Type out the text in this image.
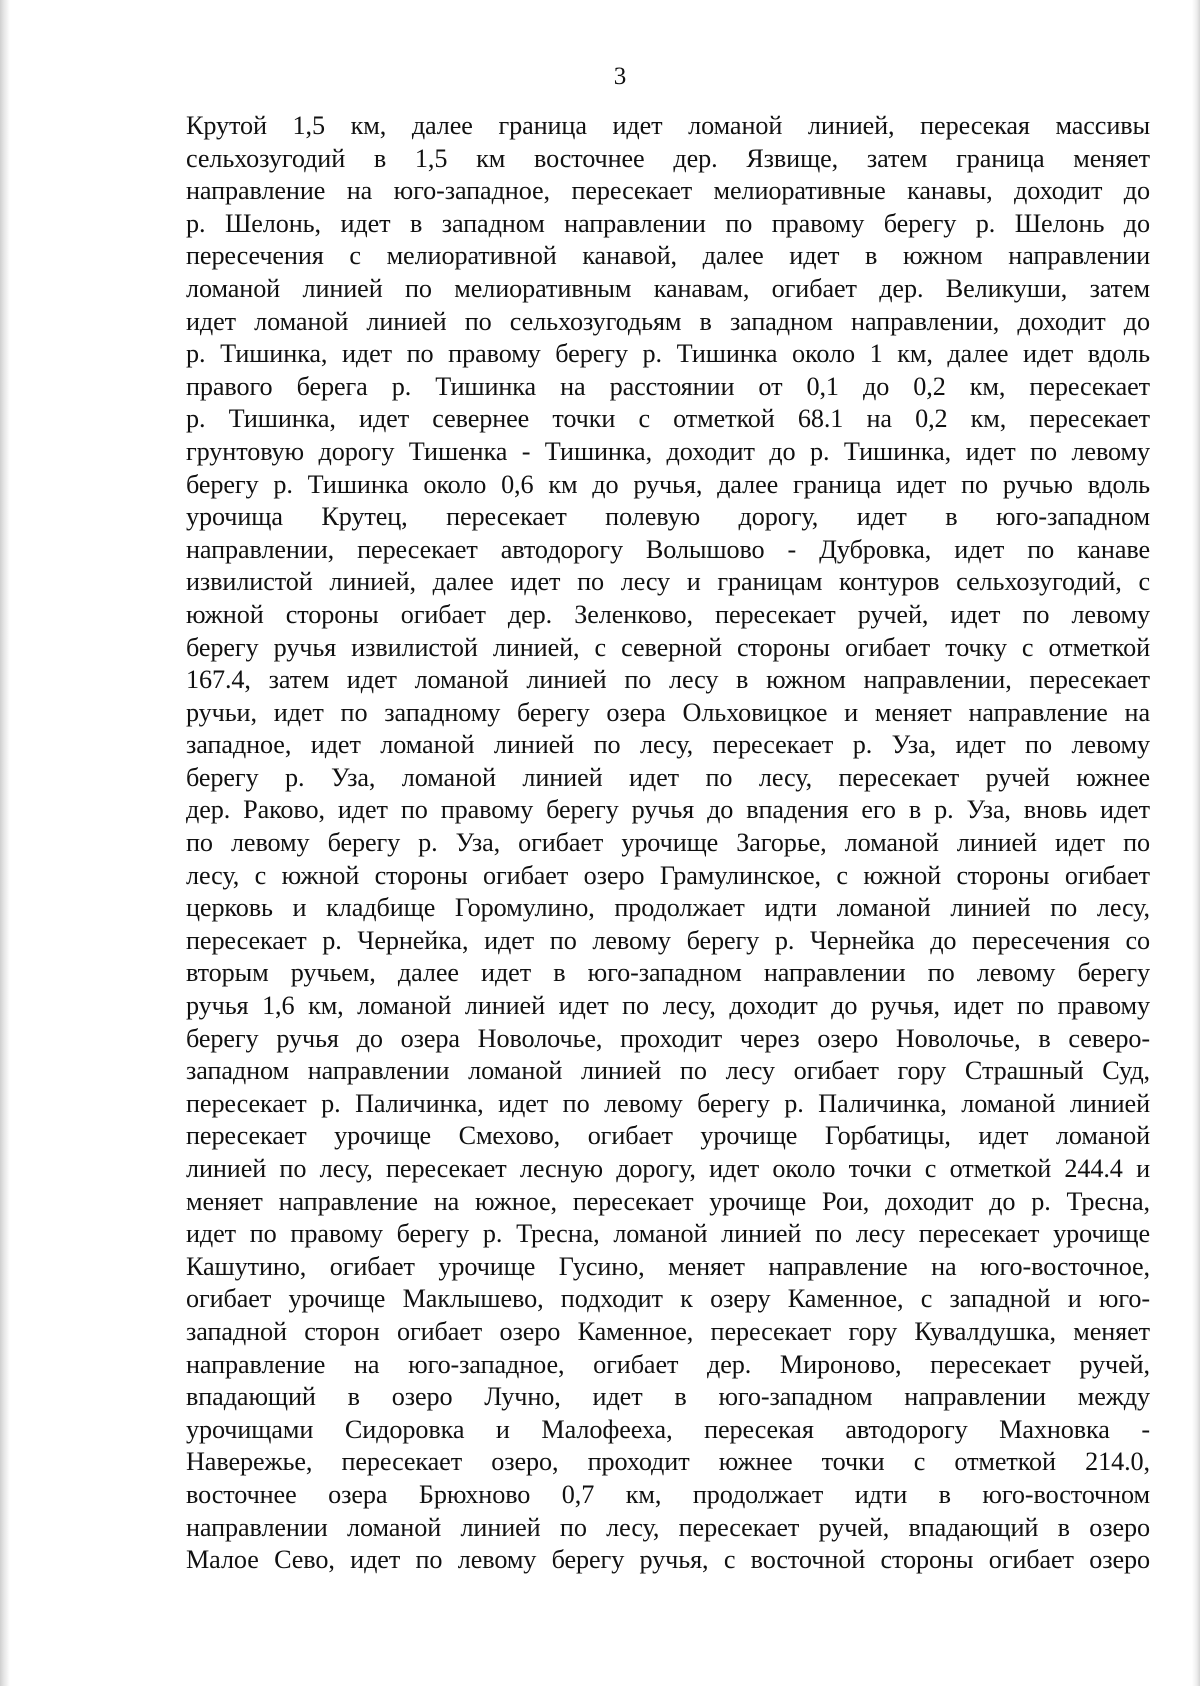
3
Крутой 1,5 км, далее граница идет ломаной линией, пересекая массивы
сельхозугодий в 1,5 км восточнее дер. Язвище, затем граница меняет
направление на юго-западное, пересекает мелиоративные канавы, доходит до
р. Шелонь, идет в западном направлении по правому берегу р. Шелонь до
пересечения с мелиоративной канавой, далее идет в южном направлении
ломаной линией по мелиоративным канавам, огибает дер. Великуши, затем
идет ломаной линией по сельхозугодьям в западном направлении, доходит до
р. Тишинка, идет по правому берегу р. Тишинка около 1 км, далее идет вдоль
правого берега р. Тишинка на расстоянии от 0,1 до 0,2 км, пересекает
р. Тишинка, идет севернее точки с отметкой 68.1 на 0,2 км, пересекает
грунтовую дорогу Тишенка - Тишинка, доходит до р. Тишинка, идет по левому
берегу р. Тишинка около 0,6 км до ручья, далее граница идет по ручью вдоль
урочища Крутец, пересекает полевую дорогу, идет в юго-западном
направлении, пересекает автодорогу Волышово - Дубровка, идет по канаве
извилистой линией, далее идет по лесу и границам контуров сельхозугодий, с
южной стороны огибает дер. Зеленково, пересекает ручей, идет по левому
берегу ручья извилистой линией, с северной стороны огибает точку с отметкой
167.4, затем идет ломаной линией по лесу в южном направлении, пересекает
ручьи, идет по западному берегу озера Ольховицкое и меняет направление на
западное, идет ломаной линией по лесу, пересекает р. Уза, идет по левому
берегу р. Уза, ломаной линией идет по лесу, пересекает ручей южнее
дер. Раково, идет по правому берегу ручья до впадения его в р. Уза, вновь идет
по левому берегу р. Уза, огибает урочище Загорье, ломаной линией идет по
лесу, с южной стороны огибает озеро Грамулинское, с южной стороны огибает
церковь и кладбище Горомулино, продолжает идти ломаной линией по лесу,
пересекает р. Чернейка, идет по левому берегу р. Чернейка до пересечения со
вторым ручьем, далее идет в юго-западном направлении по левому берегу
ручья 1,6 км, ломаной линией идет по лесу, доходит до ручья, идет по правому
берегу ручья до озера Новолочье, проходит через озеро Новолочье, в северо-
западном направлении ломаной линией по лесу огибает гору Страшный Суд,
пересекает р. Паличинка, идет по левому берегу р. Паличинка, ломаной линией
пересекает урочище Смехово, огибает урочище Горбатицы, идет ломаной
линией по лесу, пересекает лесную дорогу, идет около точки с отметкой 244.4 и
меняет направление на южное, пересекает урочище Рои, доходит до р. Тресна,
идет по правому берегу р. Тресна, ломаной линией по лесу пересекает урочище
Кашутино, огибает урочище Гусино, меняет направление на юго-восточное,
огибает урочище Маклышево, подходит к озеру Каменное, с западной и юго-
западной сторон огибает озеро Каменное, пересекает гору Кувалдушка, меняет
направление на юго-западное, огибает дер. Мироново, пересекает ручей,
впадающий в озеро Лучно, идет в юго-западном направлении между
урочищами Сидоровка и Малофееха, пересекая автодорогу Махновка -
Навережье, пересекает озеро, проходит южнее точки с отметкой 214.0,
восточнее озера Брюхново 0,7 км, продолжает идти в юго-восточном
направлении ломаной линией по лесу, пересекает ручей, впадающий в озеро
Малое Сево, идет по левому берегу ручья, с восточной стороны огибает озеро
